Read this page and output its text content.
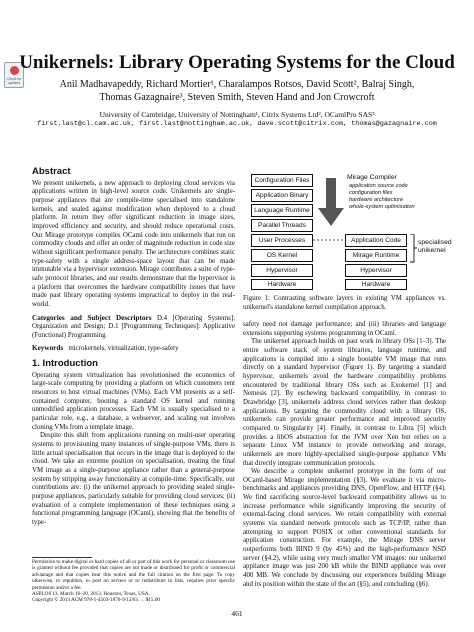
Check for updates
Unikernels: Library Operating Systems for the Cloud
Anil Madhavapeddy, Richard Mortier¹, Charalampos Rotsos, David Scott², Balraj Singh,
Thomas Gazagnaire³, Steven Smith, Steven Hand and Jon Crowcroft
University of Cambridge, University of Nottingham¹, Citrix Systems Ltd², OCamlPro SAS³
first.last@cl.cam.ac.uk, first.last@nottingham.ac.uk, dave.scott@citrix.com, thomas@gazagnaire.com
Abstract

We present unikernels, a new approach to deploying cloud services via applications written in high-level source code. Unikernels are single-purpose appliances that are compile-time specialised into standalone kernels, and sealed against modification when deployed to a cloud platform. In return they offer significant reduction in image sizes, improved efficiency and security, and should reduce operational costs. Our Mirage prototype compiles OCaml code into unikernels that run on commodity clouds and offer an order of magnitude reduction in code size without significant performance penalty. The architecture combines static type-safety with a single address-space layout that can be made immutable via a hypervisor extension. Mirage contributes a suite of type-safe protocol libraries, and our results demonstrate that the hypervisor is a platform that overcomes the hardware compatibility issues that have made past library operating systems impractical to deploy in the real-world.

Categories and Subject Descriptors D.4 [Operating Systems]: Organization and Design; D.1 [Programming Techniques]: Applicative (Functional) Programming

Keywords microkernels, virtualization, type-safety

1. Introduction

Operating system virtualization has revolutionised the economics of large-scale computing by providing a platform on which customers rent resources to host virtual machines (VMs). Each VM presents as a self-contained computer, booting a standard OS kernel and running unmodified application processes. Each VM is usually specialised to a particular role, e.g., a database, a webserver, and scaling out involves cloning VMs from a template image.

Despite this shift from applications running on multi-user operating systems to provisioning many instances of single-purpose VMs, there is little actual specialisation that occurs in the image that is deployed to the cloud. We take an extreme position on specialisation, treating the final VM image as a single-purpose appliance rather than a general-purpose system by stripping away functionality at compile-time. Specifically, our contributions are: (i) the unikernel approach to providing sealed single-purpose appliances, particularly suitable for providing cloud services; (ii) evaluation of a complete implementation of these techniques using a functional programming language (OCaml), showing that the benefits of type-

Permission to make digital or hard copies of all or part of this work for personal or classroom use is granted without fee provided that copies are not made or distributed for profit or commercial advantage and that copies bear this notice and the full citation on the first page. To copy otherwise, to republish, to post on servers or to redistribute to lists, requires prior specific permission and/or a fee.
ASPLOS'13, March 16–20, 2013, Houston, Texas, USA.
Copyright © 2013 ACM 978-1-4503-1870-9/13/03. . . $15.00
Configuration Files
Application Binary
Language Runtime
Parallel Threads
User Processes
OS Kernel
Hypervisor
Hardware
Mirage Compiler
application source code
configuration files
hardware architecture
whole-system optimisation
Application Code
Mirage Runtime
Hypervisor
Hardware
specialised
unikernel
Figure 1: Contrasting software layers in existing VM appliances vs. unikernel's standalone kernel compilation approach.

safety need not damage performance; and (iii) libraries and language extensions supporting systems programming in OCaml.

The unikernel approach builds on past work in library OSs [1–3]. The entire software stack of system libraries, language runtime, and applications is compiled into a single bootable VM image that runs directly on a standard hypervisor (Figure 1). By targeting a standard hypervisor, unikernels avoid the hardware compatibility problems encountered by traditional library OSs such as Exokernel [1] and Nemesis [2]. By eschewing backward compatibility, in contrast to Drawbridge [3], unikernels address cloud services rather than desktop applications. By targeting the commodity cloud with a library OS, unikernels can provide greater performance and improved security compared to Singularity [4]. Finally, in contrast to Libra [5] which provides a libOS abstraction for the JVM over Xen but relies on a separate Linux VM instance to provide networking and storage, unikernels are more highly-specialised single-purpose appliance VMs that directly integrate communication protocols.

We describe a complete unikernel prototype in the form of our OCaml-based Mirage implementation (§3). We evaluate it via micro-benchmarks and appliances providing DNS, OpenFlow, and HTTP (§4). We find sacrificing source-level backward compatibility allows us to increase performance while significantly improving the security of external-facing cloud services. We retain compatibility with external systems via standard network protocols such as TCP/IP, rather than attempting to support POSIX or other conventional standards for application construction. For example, the Mirage DNS server outperforms both BIND 9 (by 45%) and the high-performance NSD server (§4.2), while using very much smaller VM images: our unikernel appliance image was just 200 kB while the BIND appliance was over 400 MB. We conclude by discussing our experiences building Mirage and its position within the state of the art (§5), and concluding (§6).

461
